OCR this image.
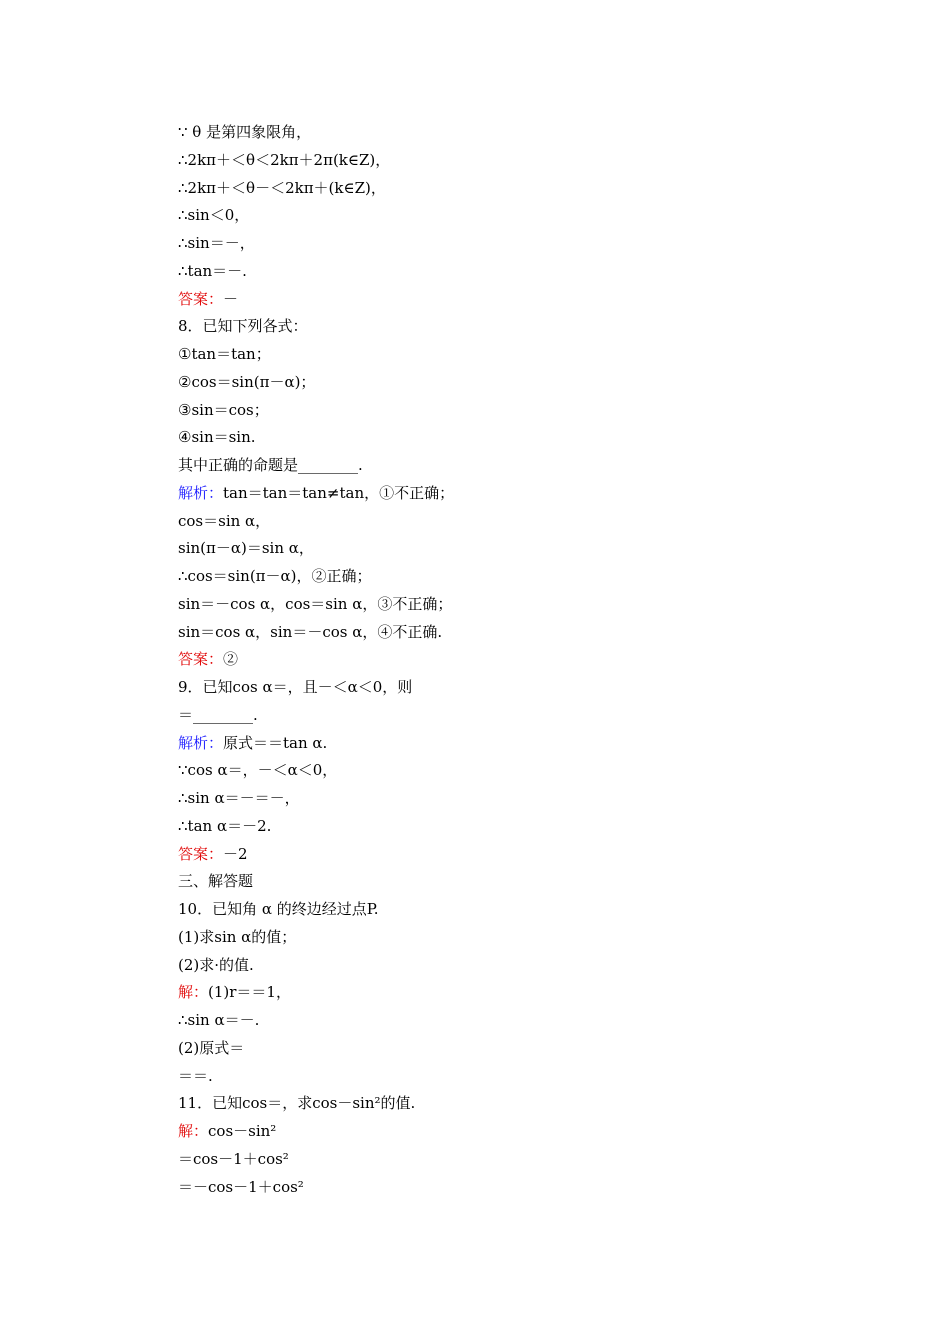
∵ θ 是第四象限角，
∴2kπ＋＜θ＜2kπ＋2π(k∈Z)，
∴2kπ＋＜θ－＜2kπ＋(k∈Z)，
∴sin＜0，
∴sin＝－，
∴tan＝－.
答案：－
8．已知下列各式：
①tan＝tan；
②cos＝sin(π－α)；
③sin＝cos；
④sin＝sin.
其中正确的命题是________.
解析：tan＝tan＝tan≠tan，①不正确；
cos＝sin α，
sin(π－α)＝sin α，
∴cos＝sin(π－α)，②正确；
sin＝－cos α，cos＝sin α，③不正确；
sin＝cos α，sin＝－cos α，④不正确.
答案：②
9．已知cos α＝，且－＜α＜0，则
＝________.
解析：原式＝＝tan α.
∵cos α＝，－＜α＜0，
∴sin α＝－＝－，
∴tan α＝－2.
答案：－2
三、解答题
10．已知角 α 的终边经过点P.
(1)求sin α的值；
(2)求·的值.
解：(1)r＝＝1，
∴sin α＝－.
(2)原式＝
＝＝.
11．已知cos＝，求cos－sin²的值.
解：cos－sin²
＝cos－1＋cos²
＝－cos－1＋cos²
